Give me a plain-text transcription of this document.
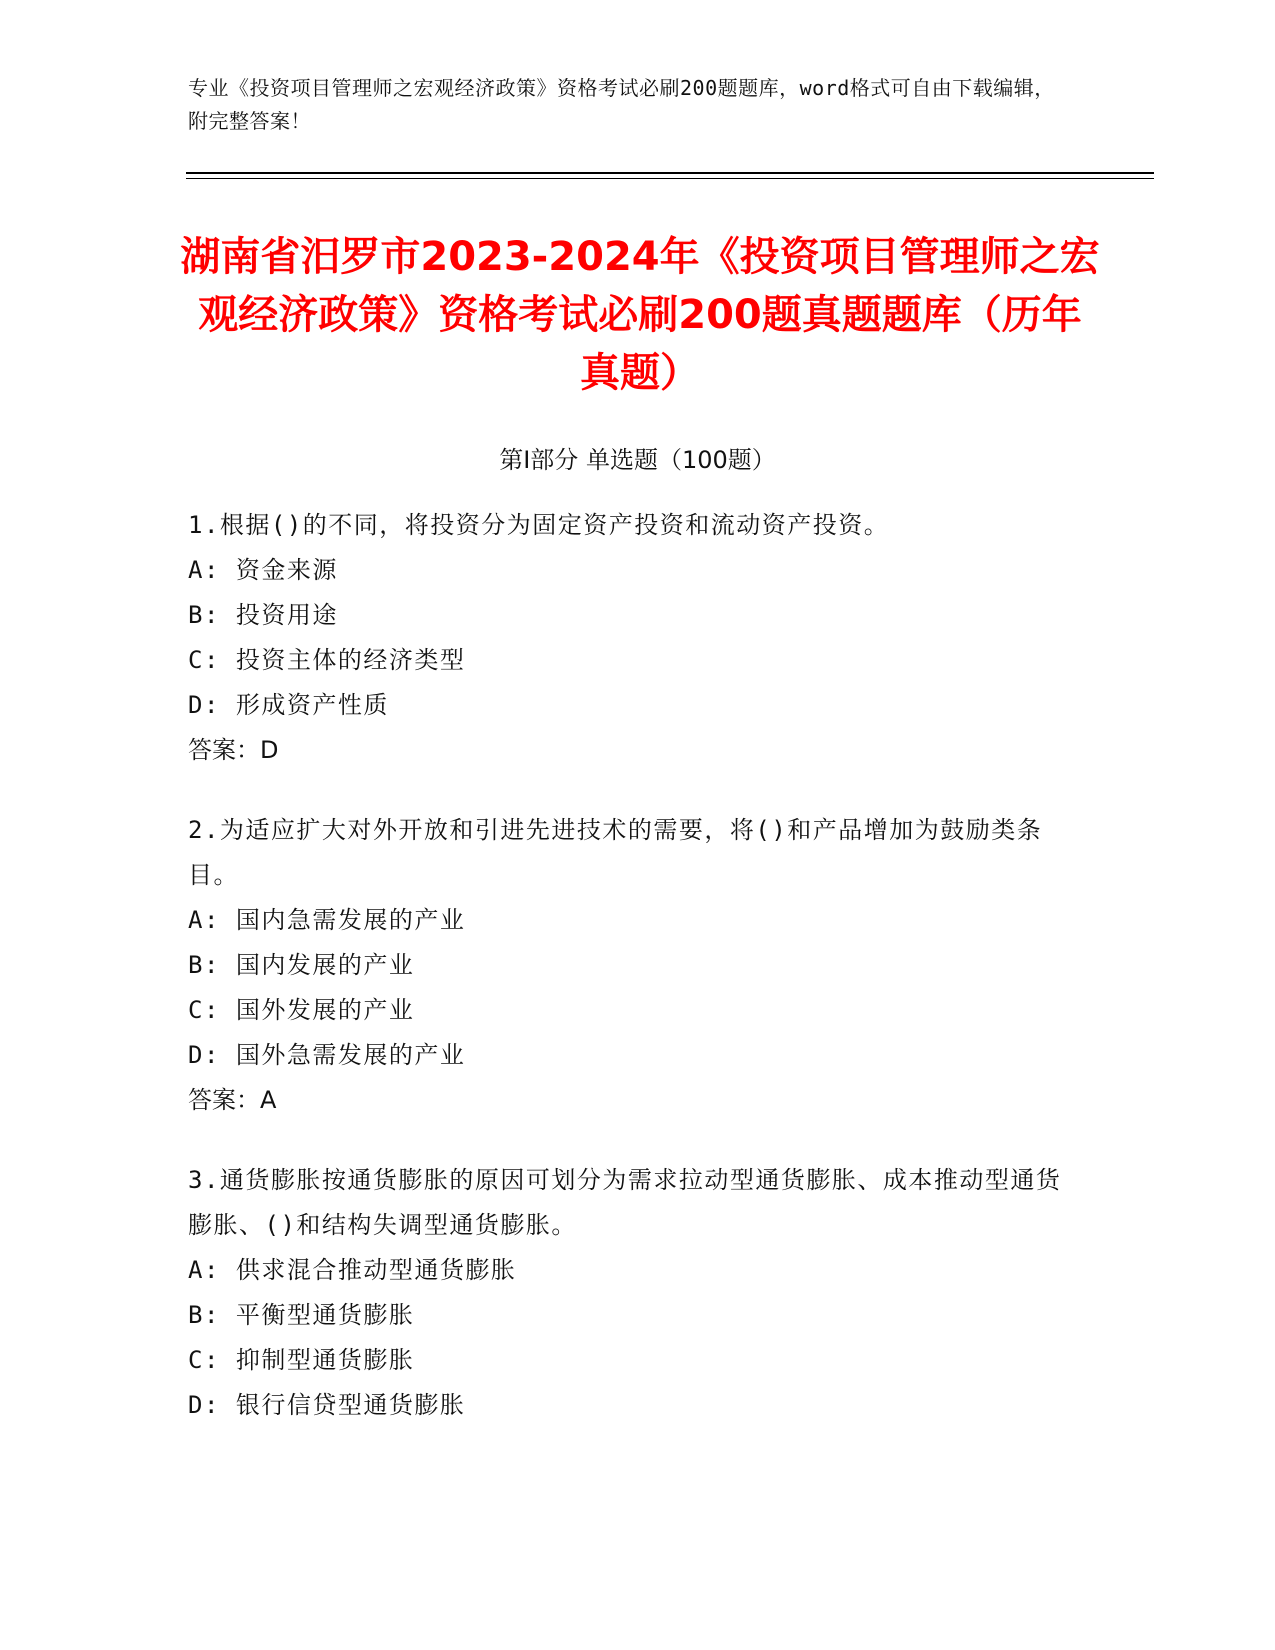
专业《投资项目管理师之宏观经济政策》资格考试必刷200题题库，word格式可自由下载编辑，附完整答案！
湖南省汨罗市2023-2024年《投资项目管理师之宏观经济政策》资格考试必刷200题真题题库（历年真题）
第Ⅰ部分 单选题（100题）

1.根据()的不同，将投资分为固定资产投资和流动资产投资。

A: 资金来源

B: 投资用途

C: 投资主体的经济类型

D: 形成资产性质

答案：D

2.为适应扩大对外开放和引进先进技术的需要，将()和产品增加为鼓励类条目。

A: 国内急需发展的产业

B: 国内发展的产业

C: 国外发展的产业

D: 国外急需发展的产业

答案：A

3.通货膨胀按通货膨胀的原因可划分为需求拉动型通货膨胀、成本推动型通货膨胀、()和结构失调型通货膨胀。

A: 供求混合推动型通货膨胀

B: 平衡型通货膨胀

C: 抑制型通货膨胀

D: 银行信贷型通货膨胀
